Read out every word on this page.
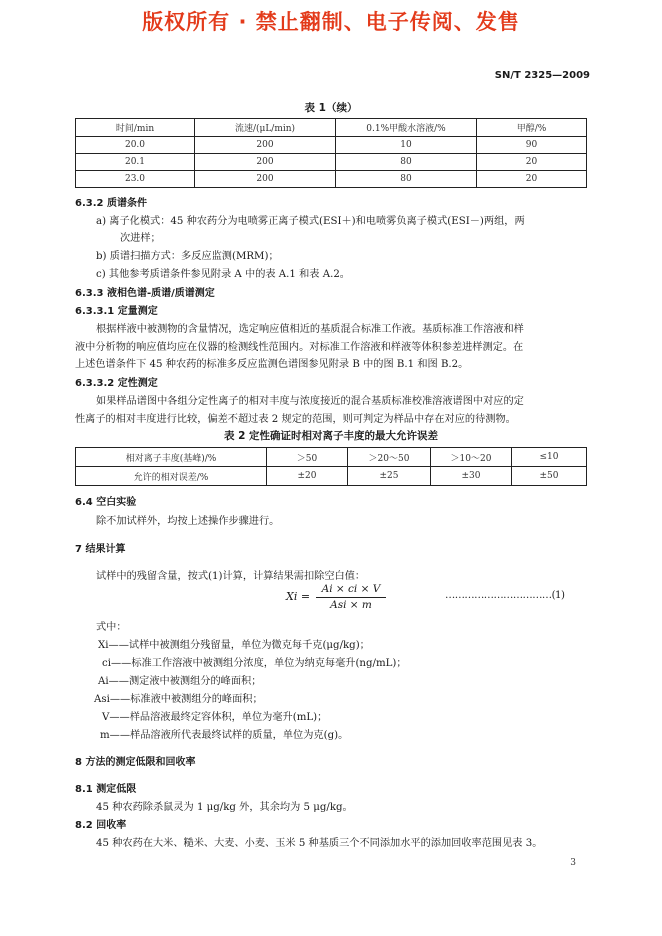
版权所有 · 禁止翻制、电子传阅、发售
SN/T 2325—2009
表 1（续）
时间/min	流速/(μL/min)	0.1%甲酸水溶液/%	甲醇/%
20.0	200	10	90
20.1	200	80	20
23.0	200	80	20
6.3.2 质谱条件
a) 离子化模式：45 种农药分为电喷雾正离子模式(ESI＋)和电喷雾负离子模式(ESI－)两组，两
次进样；
b) 质谱扫描方式：多反应监测(MRM)；
c) 其他参考质谱条件参见附录 A 中的表 A.1 和表 A.2。
6.3.3 液相色谱-质谱/质谱测定
6.3.3.1 定量测定
根据样液中被测物的含量情况，选定响应值相近的基质混合标准工作液。基质标准工作溶液和样
液中分析物的响应值均应在仪器的检测线性范围内。对标准工作溶液和样液等体积参差进样测定。在
上述色谱条件下 45 种农药的标准多反应监测色谱图参见附录 B 中的图 B.1 和图 B.2。
6.3.3.2 定性测定
如果样品谱图中各组分定性离子的相对丰度与浓度接近的混合基质标准校准溶液谱图中对应的定
性离子的相对丰度进行比较，偏差不超过表 2 规定的范围，则可判定为样品中存在对应的待测物。
表 2 定性确证时相对离子丰度的最大允许误差
相对离子丰度(基峰)/%	＞50	＞20～50	＞10～20	≤10
允许的相对误差/%	±20	±25	±30	±50
6.4 空白实验
除不加试样外，均按上述操作步骤进行。
7 结果计算
试样中的残留含量，按式(1)计算，计算结果需扣除空白值：
Xi =
Ai × ci × V
Asi × m
……………………………(1)
式中：
Xi——试样中被测组分残留量，单位为微克每千克(μg/kg)；
ci——标准工作溶液中被测组分浓度，单位为纳克每毫升(ng/mL)；
Ai——测定液中被测组分的峰面积；
Asi——标准液中被测组分的峰面积；
V——样品溶液最终定容体积，单位为毫升(mL)；
m——样品溶液所代表最终试样的质量，单位为克(g)。
8 方法的测定低限和回收率
8.1 测定低限
45 种农药除杀鼠灵为 1 μg/kg 外，其余均为 5 μg/kg。
8.2 回收率
45 种农药在大米、糙米、大麦、小麦、玉米 5 种基质三个不同添加水平的添加回收率范围见表 3。
3
